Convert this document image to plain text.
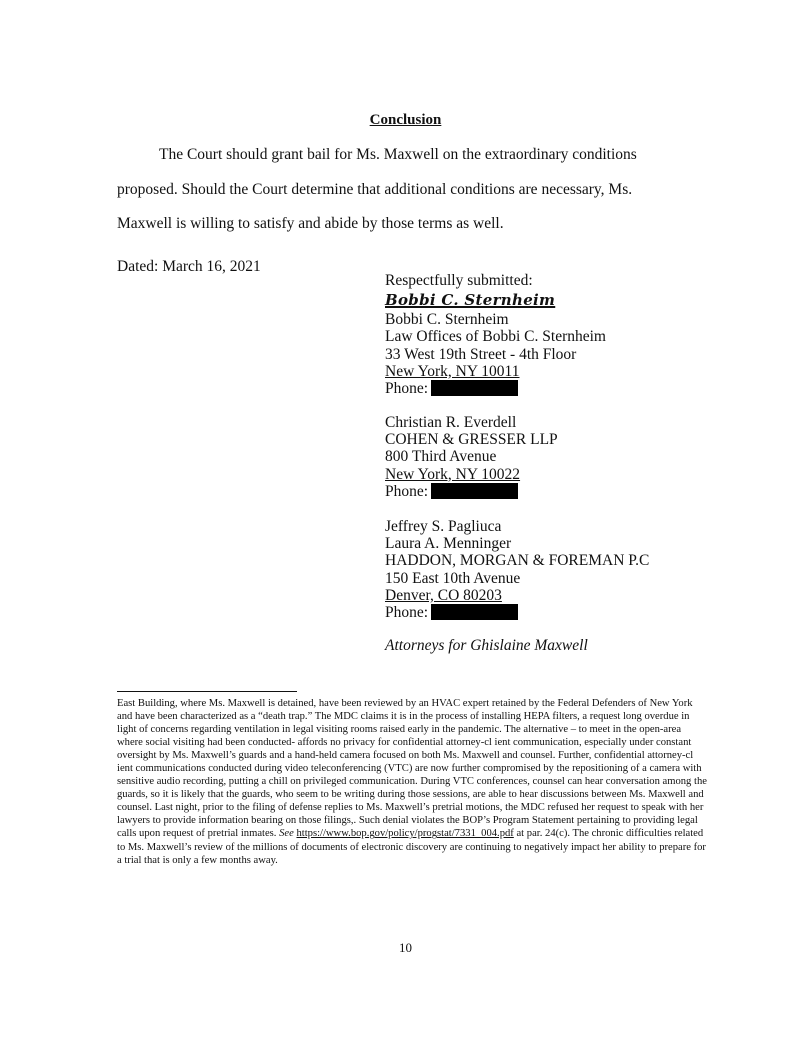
Conclusion
The Court should grant bail for Ms. Maxwell on the extraordinary conditions
proposed. Should the Court determine that additional conditions are necessary, Ms.
Maxwell is willing to satisfy and abide by those terms as well.
Dated: March 16, 2021
Respectfully submitted:
Bobbi C. Sternheim
Bobbi C. Sternheim
Law Offices of Bobbi C. Sternheim
33 West 19th Street - 4th Floor
New York, NY 10011
Phone:
Christian R. Everdell
COHEN & GRESSER LLP
800 Third Avenue
New York, NY 10022
Phone:
Jeffrey S. Pagliuca
Laura A. Menninger
HADDON, MORGAN & FOREMAN P.C
150 East 10th Avenue
Denver, CO 80203
Phone:
Attorneys for Ghislaine Maxwell

East Building, where Ms. Maxwell is detained, have been reviewed by an HVAC expert retained by the Federal Defenders of New York and have been characterized as a “death trap.” The MDC claims it is in the process of installing HEPA filters, a request long overdue in light of concerns regarding ventilation in legal visiting rooms raised early in the pandemic. The alternative – to meet in the open-area where social visiting had been conducted- affords no privacy for confidential attorney-cl ient communication, especially under constant oversight by Ms. Maxwell’s guards and a hand-held camera focused on both Ms. Maxwell and counsel. Further, confidential attorney-cl ient communications conducted during video teleconferencing (VTC) are now further compromised by the repositioning of a camera with sensitive audio recording, putting a chill on privileged communication. During VTC conferences, counsel can hear conversation among the guards, so it is likely that the guards, who seem to be writing during those sessions, are able to hear discussions between Ms. Maxwell and counsel. Last night, prior to the filing of defense replies to Ms. Maxwell’s pretrial motions, the MDC refused her request to speak with her lawyers to provide information bearing on those filings,. Such denial violates the BOP’s Program Statement pertaining to providing legal calls upon request of pretrial inmates. See https://www.bop.gov/policy/progstat/7331_004.pdf at par. 24(c). The chronic difficulties related to Ms. Maxwell’s review of the millions of documents of electronic discovery are continuing to negatively impact her ability to prepare for a trial that is only a few months away.

10
